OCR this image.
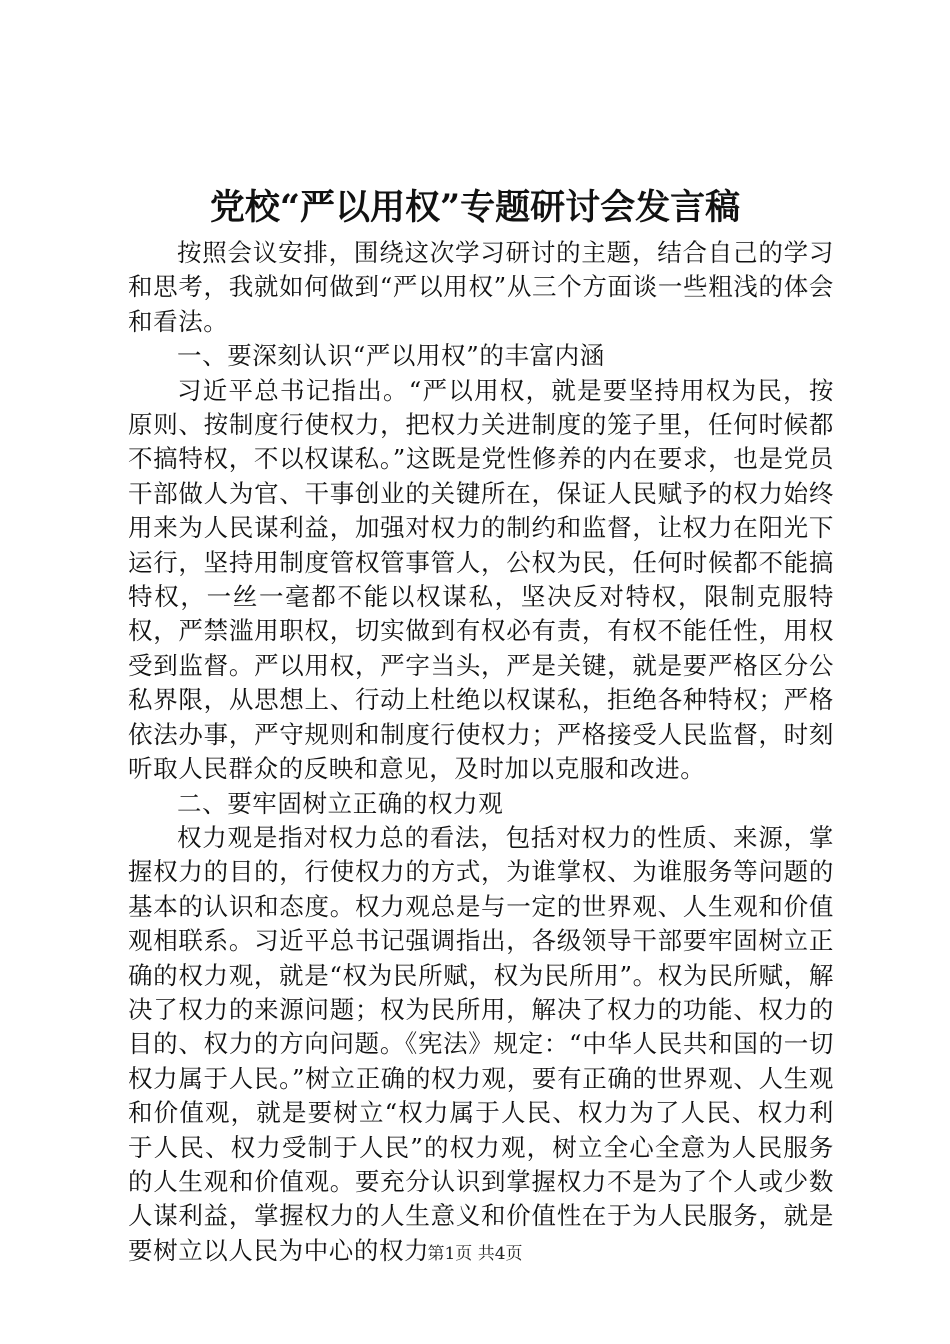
党校“严以用权”专题研讨会发言稿

按照会议安排，围绕这次学习研讨的主题，结合自己的学习和思考，我就如何做到“严以用权”从三个方面谈一些粗浅的体会和看法。

一、要深刻认识“严以用权”的丰富内涵

习近平总书记指出。“严以用权，就是要坚持用权为民，按原则、按制度行使权力，把权力关进制度的笼子里，任何时候都不搞特权，不以权谋私。”这既是党性修养的内在要求，也是党员干部做人为官、干事创业的关键所在，保证人民赋予的权力始终用来为人民谋利益，加强对权力的制约和监督，让权力在阳光下运行，坚持用制度管权管事管人，公权为民，任何时候都不能搞特权，一丝一毫都不能以权谋私，坚决反对特权，限制克服特权，严禁滥用职权，切实做到有权必有责，有权不能任性，用权受到监督。严以用权，严字当头，严是关键，就是要严格区分公私界限，从思想上、行动上杜绝以权谋私，拒绝各种特权；严格依法办事，严守规则和制度行使权力；严格接受人民监督，时刻听取人民群众的反映和意见，及时加以克服和改进。

二、要牢固树立正确的权力观

权力观是指对权力总的看法，包括对权力的性质、来源，掌握权力的目的，行使权力的方式，为谁掌权、为谁服务等问题的基本的认识和态度。权力观总是与一定的世界观、人生观和价值观相联系。习近平总书记强调指出，各级领导干部要牢固树立正确的权力观，就是“权为民所赋，权为民所用”。权为民所赋，解决了权力的来源问题；权为民所用，解决了权力的功能、权力的目的、权力的方向问题。《宪法》规定：“中华人民共和国的一切权力属于人民。”树立正确的权力观，要有正确的世界观、人生观和价值观，就是要树立“权力属于人民、权力为了人民、权力利于人民、权力受制于人民”的权力观，树立全心全意为人民服务的人生观和价值观。要充分认识到掌握权力不是为了个人或少数人谋利益，掌握权力的人生意义和价值性在于为人民服务，就是要树立以人民为中心的权力

第1页 共4页
